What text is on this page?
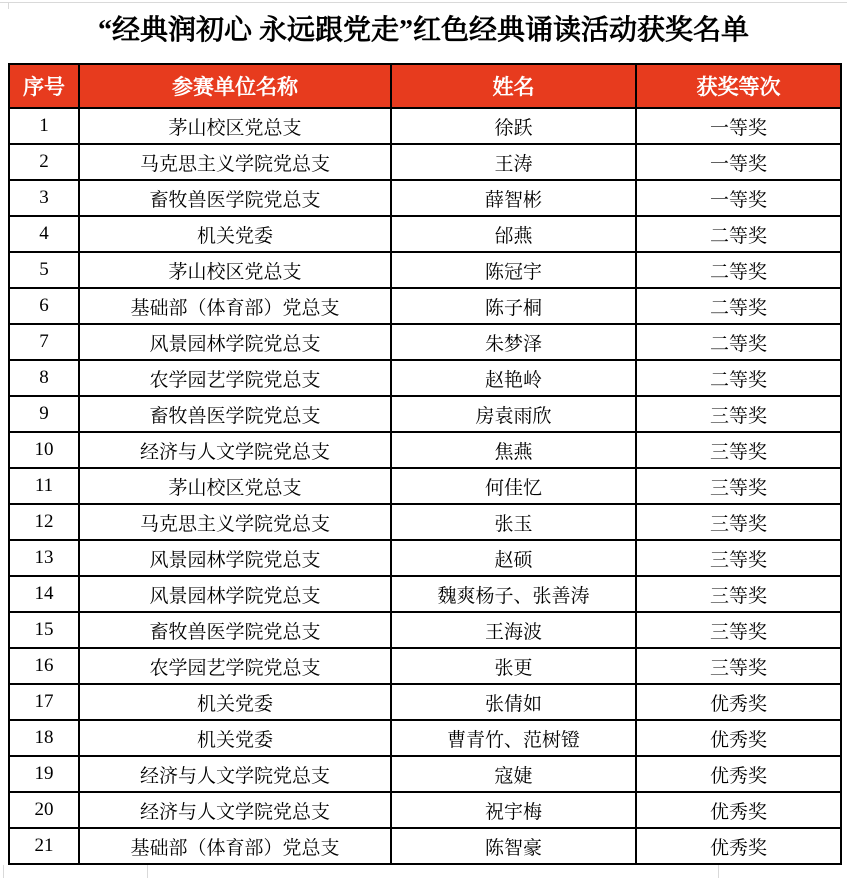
“经典润初心 永远跟党走”红色经典诵读活动获奖名单
序号	参赛单位名称	姓名	获奖等次
1	茅山校区党总支	徐跃	一等奖
2	马克思主义学院党总支	王涛	一等奖
3	畜牧兽医学院党总支	薛智彬	一等奖
4	机关党委	邰燕	二等奖
5	茅山校区党总支	陈冠宇	二等奖
6	基础部（体育部）党总支	陈子桐	二等奖
7	风景园林学院党总支	朱梦泽	二等奖
8	农学园艺学院党总支	赵艳岭	二等奖
9	畜牧兽医学院党总支	房袁雨欣	三等奖
10	经济与人文学院党总支	焦燕	三等奖
11	茅山校区党总支	何佳忆	三等奖
12	马克思主义学院党总支	张玉	三等奖
13	风景园林学院党总支	赵硕	三等奖
14	风景园林学院党总支	魏爽杨子、张善涛	三等奖
15	畜牧兽医学院党总支	王海波	三等奖
16	农学园艺学院党总支	张更	三等奖
17	机关党委	张倩如	优秀奖
18	机关党委	曹青竹、范树镫	优秀奖
19	经济与人文学院党总支	寇婕	优秀奖
20	经济与人文学院党总支	祝宇梅	优秀奖
21	基础部（体育部）党总支	陈智豪	优秀奖
